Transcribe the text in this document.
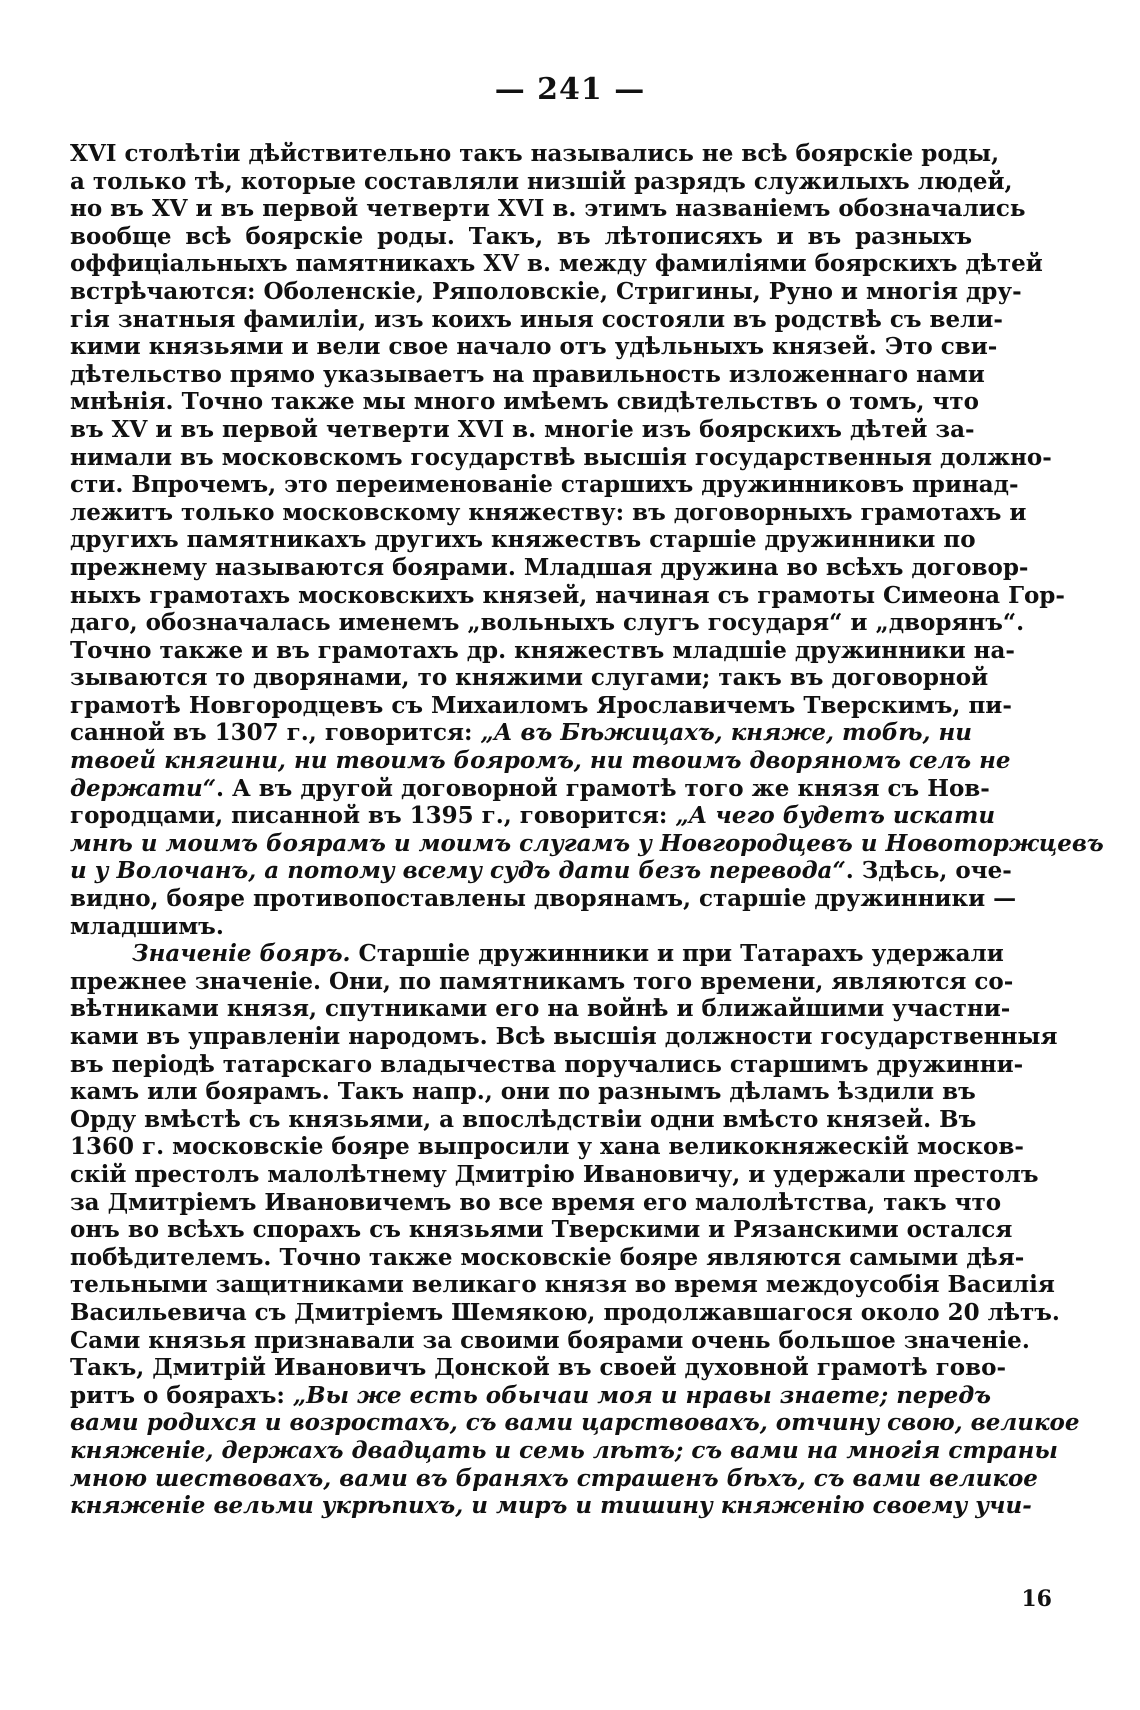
— 241 —
XVI столѣтiи дѣйствительно такъ назывались не всѣ боярскiе роды,
а только тѣ, которые составляли низшiй разрядъ служилыхъ людей,
но въ XV и въ первой четверти XVI в. этимъ названiемъ обозначались
вообще всѣ боярскiе роды. Такъ, въ лѣтописяхъ и въ разныхъ
оффицiальныхъ памятникахъ XV в. между фамилiями боярскихъ дѣтей
встрѣчаются: Оболенскiе, Ряполовскiе, Стригины, Руно и многiя дру-
гiя знатныя фамилiи, изъ коихъ иныя состояли въ родствѣ съ вели-
кими князьями и вели свое начало отъ удѣльныхъ князей. Это сви-
дѣтельство прямо указываетъ на правильность изложеннаго нами
мнѣнiя. Точно также мы много имѣемъ свидѣтельствъ о томъ, что
въ XV и въ первой четверти XVI в. многiе изъ боярскихъ дѣтей за-
нимали въ московскомъ государствѣ высшiя государственныя должно-
сти. Впрочемъ, это переименованiе старшихъ дружинниковъ принад-
лежитъ только московскому княжеству: въ договорныхъ грамотахъ и
другихъ памятникахъ другихъ княжествъ старшiе дружинники по
прежнему называются боярами. Младшая дружина во всѣхъ договор-
ныхъ грамотахъ московскихъ князей, начиная съ грамоты Симеона Гор-
даго, обозначалась именемъ „вольныхъ слугъ государя“ и „дворянъ“.
Точно также и въ грамотахъ др. княжествъ младшiе дружинники на-
зываются то дворянами, то княжими слугами; такъ въ договорной
грамотѣ Новгородцевъ съ Михаиломъ Ярославичемъ Тверскимъ, пи-
санной въ 1307 г., говорится: „А въ Бѣжицахъ, княже, тобѣ, ни
твоей княгини, ни твоимъ бояромъ, ни твоимъ дворяномъ селъ не
держати“. А въ другой договорной грамотѣ того же князя съ Нов-
городцами, писанной въ 1395 г., говорится: „А чего будетъ искати
мнѣ и моимъ боярамъ и моимъ слугамъ у Новгородцевъ и Новоторжцевъ
и у Волочанъ, а потому всему судъ дати безъ перевода“. Здѣсь, оче-
видно, бояре противопоставлены дворянамъ, старшiе дружинники —
младшимъ.
Значенiе бояръ. Старшiе дружинники и при Татарахъ удержали
прежнее значенiе. Они, по памятникамъ того времени, являются со-
вѣтниками князя, спутниками его на войнѣ и ближайшими участни-
ками въ управленiи народомъ. Всѣ высшiя должности государственныя
въ перiодѣ татарскаго владычества поручались старшимъ дружинни-
камъ или боярамъ. Такъ напр., они по разнымъ дѣламъ ѣздили въ
Орду вмѣстѣ съ князьями, а впослѣдствiи одни вмѣсто князей. Въ
1360 г. московскiе бояре выпросили у хана великокняжескiй москов-
скiй престолъ малолѣтнему Дмитрiю Ивановичу, и удержали престолъ
за Дмитрiемъ Ивановичемъ во все время его малолѣтства, такъ что
онъ во всѣхъ спорахъ съ князьями Тверскими и Рязанскими остался
побѣдителемъ. Точно также московскiе бояре являются самыми дѣя-
тельными защитниками великаго князя во время междоусобiя Василiя
Васильевича съ Дмитрiемъ Шемякою, продолжавшагося около 20 лѣтъ.
Сами князья признавали за своими боярами очень большое значенiе.
Такъ, Дмитрiй Ивановичъ Донской въ своей духовной грамотѣ гово-
ритъ о боярахъ: „Вы же есть обычаи моя и нравы знаете; передъ
вами родихся и возростахъ, съ вами царствовахъ, отчину свою, великое
княженiе, держахъ двадцать и семь лѣтъ; съ вами на многiя страны
мною шествовахъ, вами въ браняхъ страшенъ бѣхъ, съ вами великое
княженiе вельми укрѣпихъ, и миръ и тишину княженiю своему учи-
16
